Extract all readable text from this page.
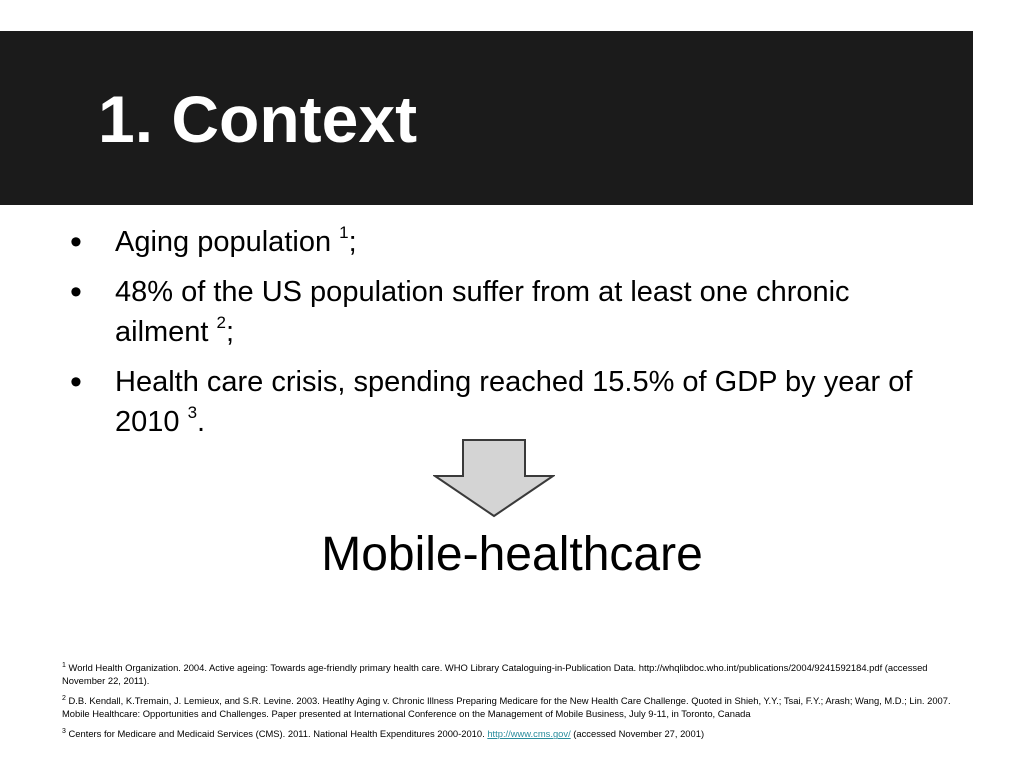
1. Context
• Aging population $^1$;
• 48% of the US population suffer from at least one chronic ailment $^2$;
• Health care crisis, spending reached 15.5% of GDP by year of 2010 $^3$.
Mobile-healthcare

$^1$ World Health Organization. 2004. Active ageing: Towards age-friendly primary health care. WHO Library Cataloguing-in-Publication Data. http://whqlibdoc.who.int/publications/2004/9241592184.pdf (accessed November 22, 2011).

$^2$ D.B. Kendall, K.Tremain, J. Lemieux, and S.R. Levine. 2003. Heatlhy Aging v. Chronic Illness Preparing Medicare for the New Health Care Challenge. Quoted in Shieh, Y.Y.; Tsai, F.Y.; Arash; Wang, M.D.; Lin. 2007. Mobile Healthcare: Opportunities and Challenges. Paper presented at International Conference on the Management of Mobile Business, July 9-11, in Toronto, Canada

$^3$ Centers for Medicare and Medicaid Services (CMS). 2011. National Health Expenditures 2000-2010. http://www.cms.gov/ (accessed November 27, 2001)
